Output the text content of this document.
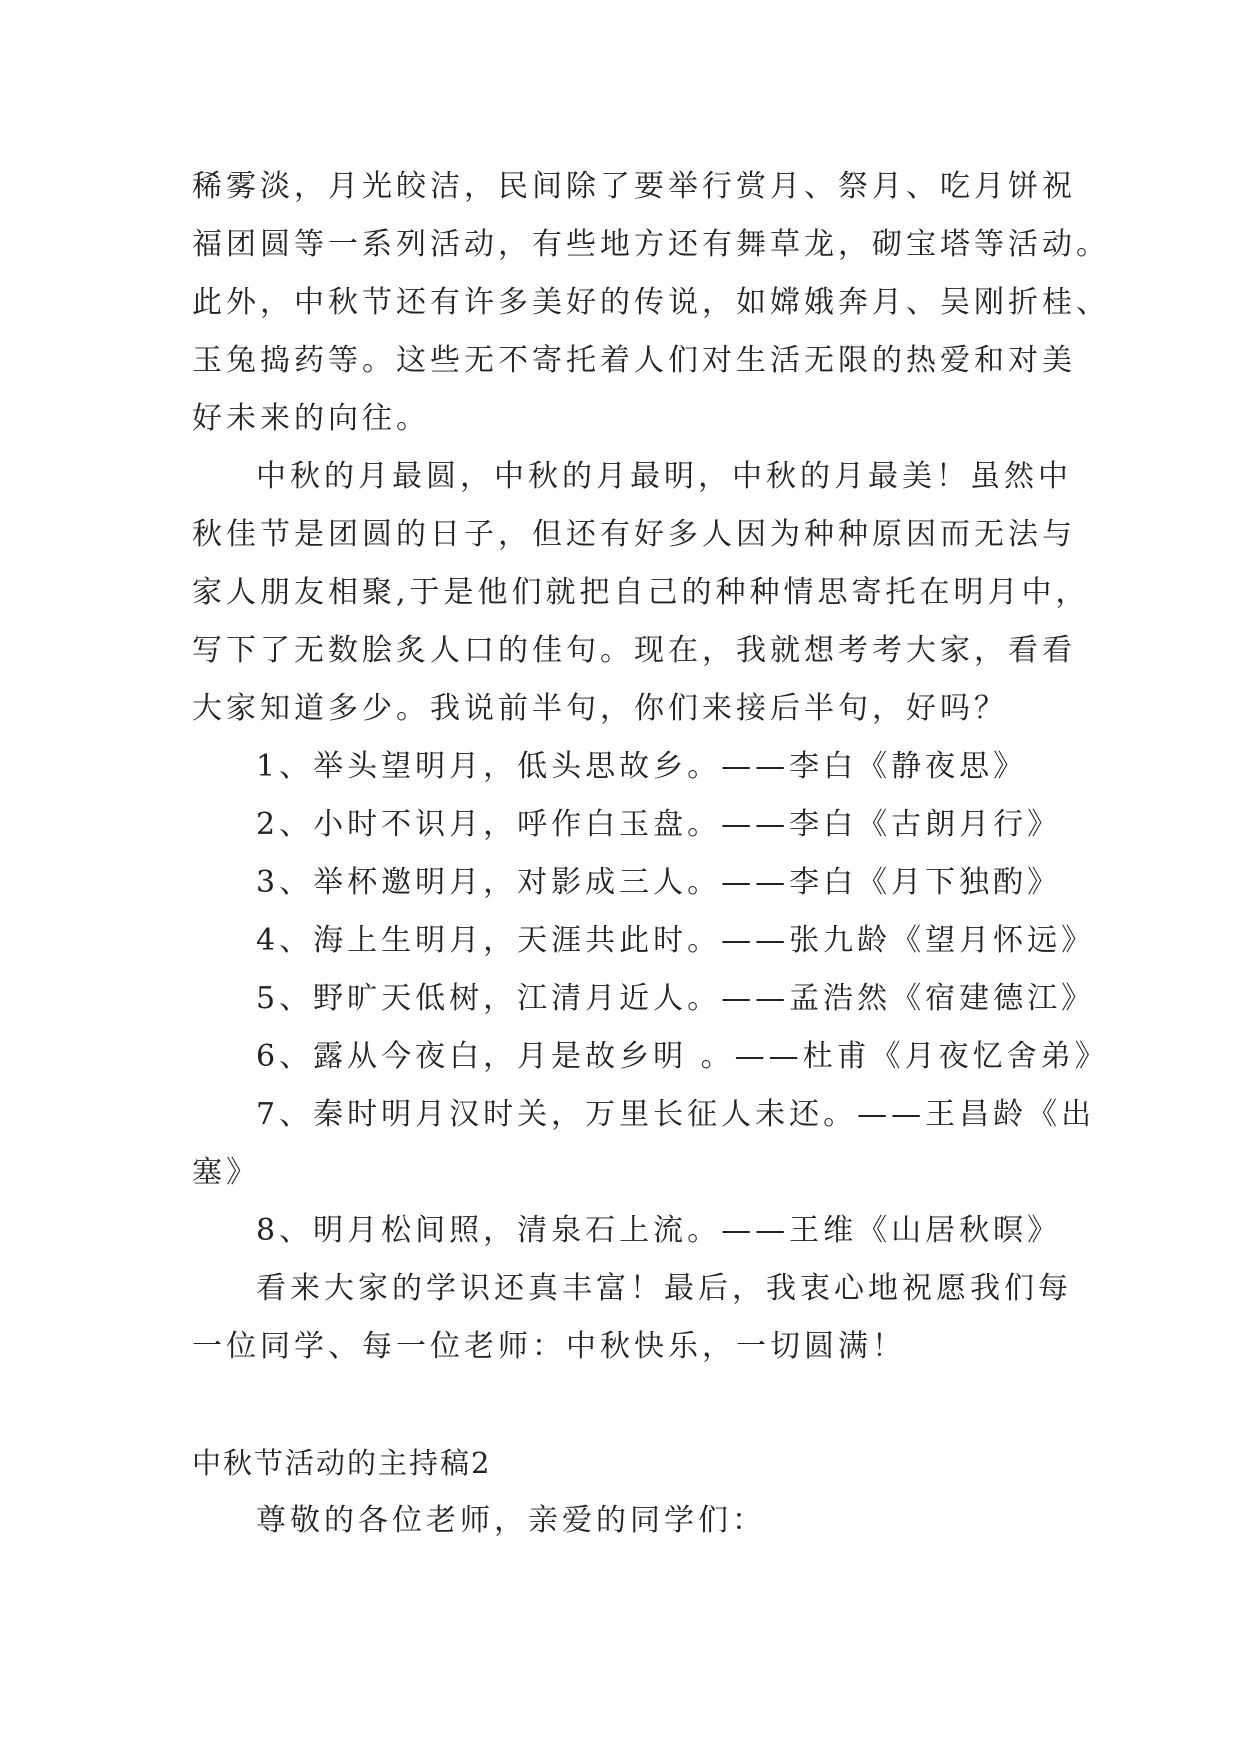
稀雾淡，月光皎洁，民间除了要举行赏月、祭月、吃月饼祝
福团圆等一系列活动，有些地方还有舞草龙，砌宝塔等活动。
此外，中秋节还有许多美好的传说，如嫦娥奔月、吴刚折桂、
玉兔捣药等。这些无不寄托着人们对生活无限的热爱和对美
好未来的向往。
中秋的月最圆，中秋的月最明，中秋的月最美！虽然中
秋佳节是团圆的日子，但还有好多人因为种种原因而无法与
家人朋友相聚,于是他们就把自己的种种情思寄托在明月中，
写下了无数脍炙人口的佳句。现在，我就想考考大家，看看
大家知道多少。我说前半句，你们来接后半句，好吗？
1、举头望明月，低头思故乡。——李白《静夜思》
2、小时不识月，呼作白玉盘。——李白《古朗月行》
3、举杯邀明月，对影成三人。——李白《月下独酌》
4、海上生明月，天涯共此时。——张九龄《望月怀远》
5、野旷天低树，江清月近人。——孟浩然《宿建德江》
6、露从今夜白，月是故乡明 。——杜甫《月夜忆舍弟》
7、秦时明月汉时关，万里长征人未还。——王昌龄《出
塞》
8、明月松间照，清泉石上流。——王维《山居秋暝》
看来大家的学识还真丰富！最后，我衷心地祝愿我们每
一位同学、每一位老师：中秋快乐，一切圆满！
中秋节活动的主持稿2
尊敬的各位老师，亲爱的同学们：
